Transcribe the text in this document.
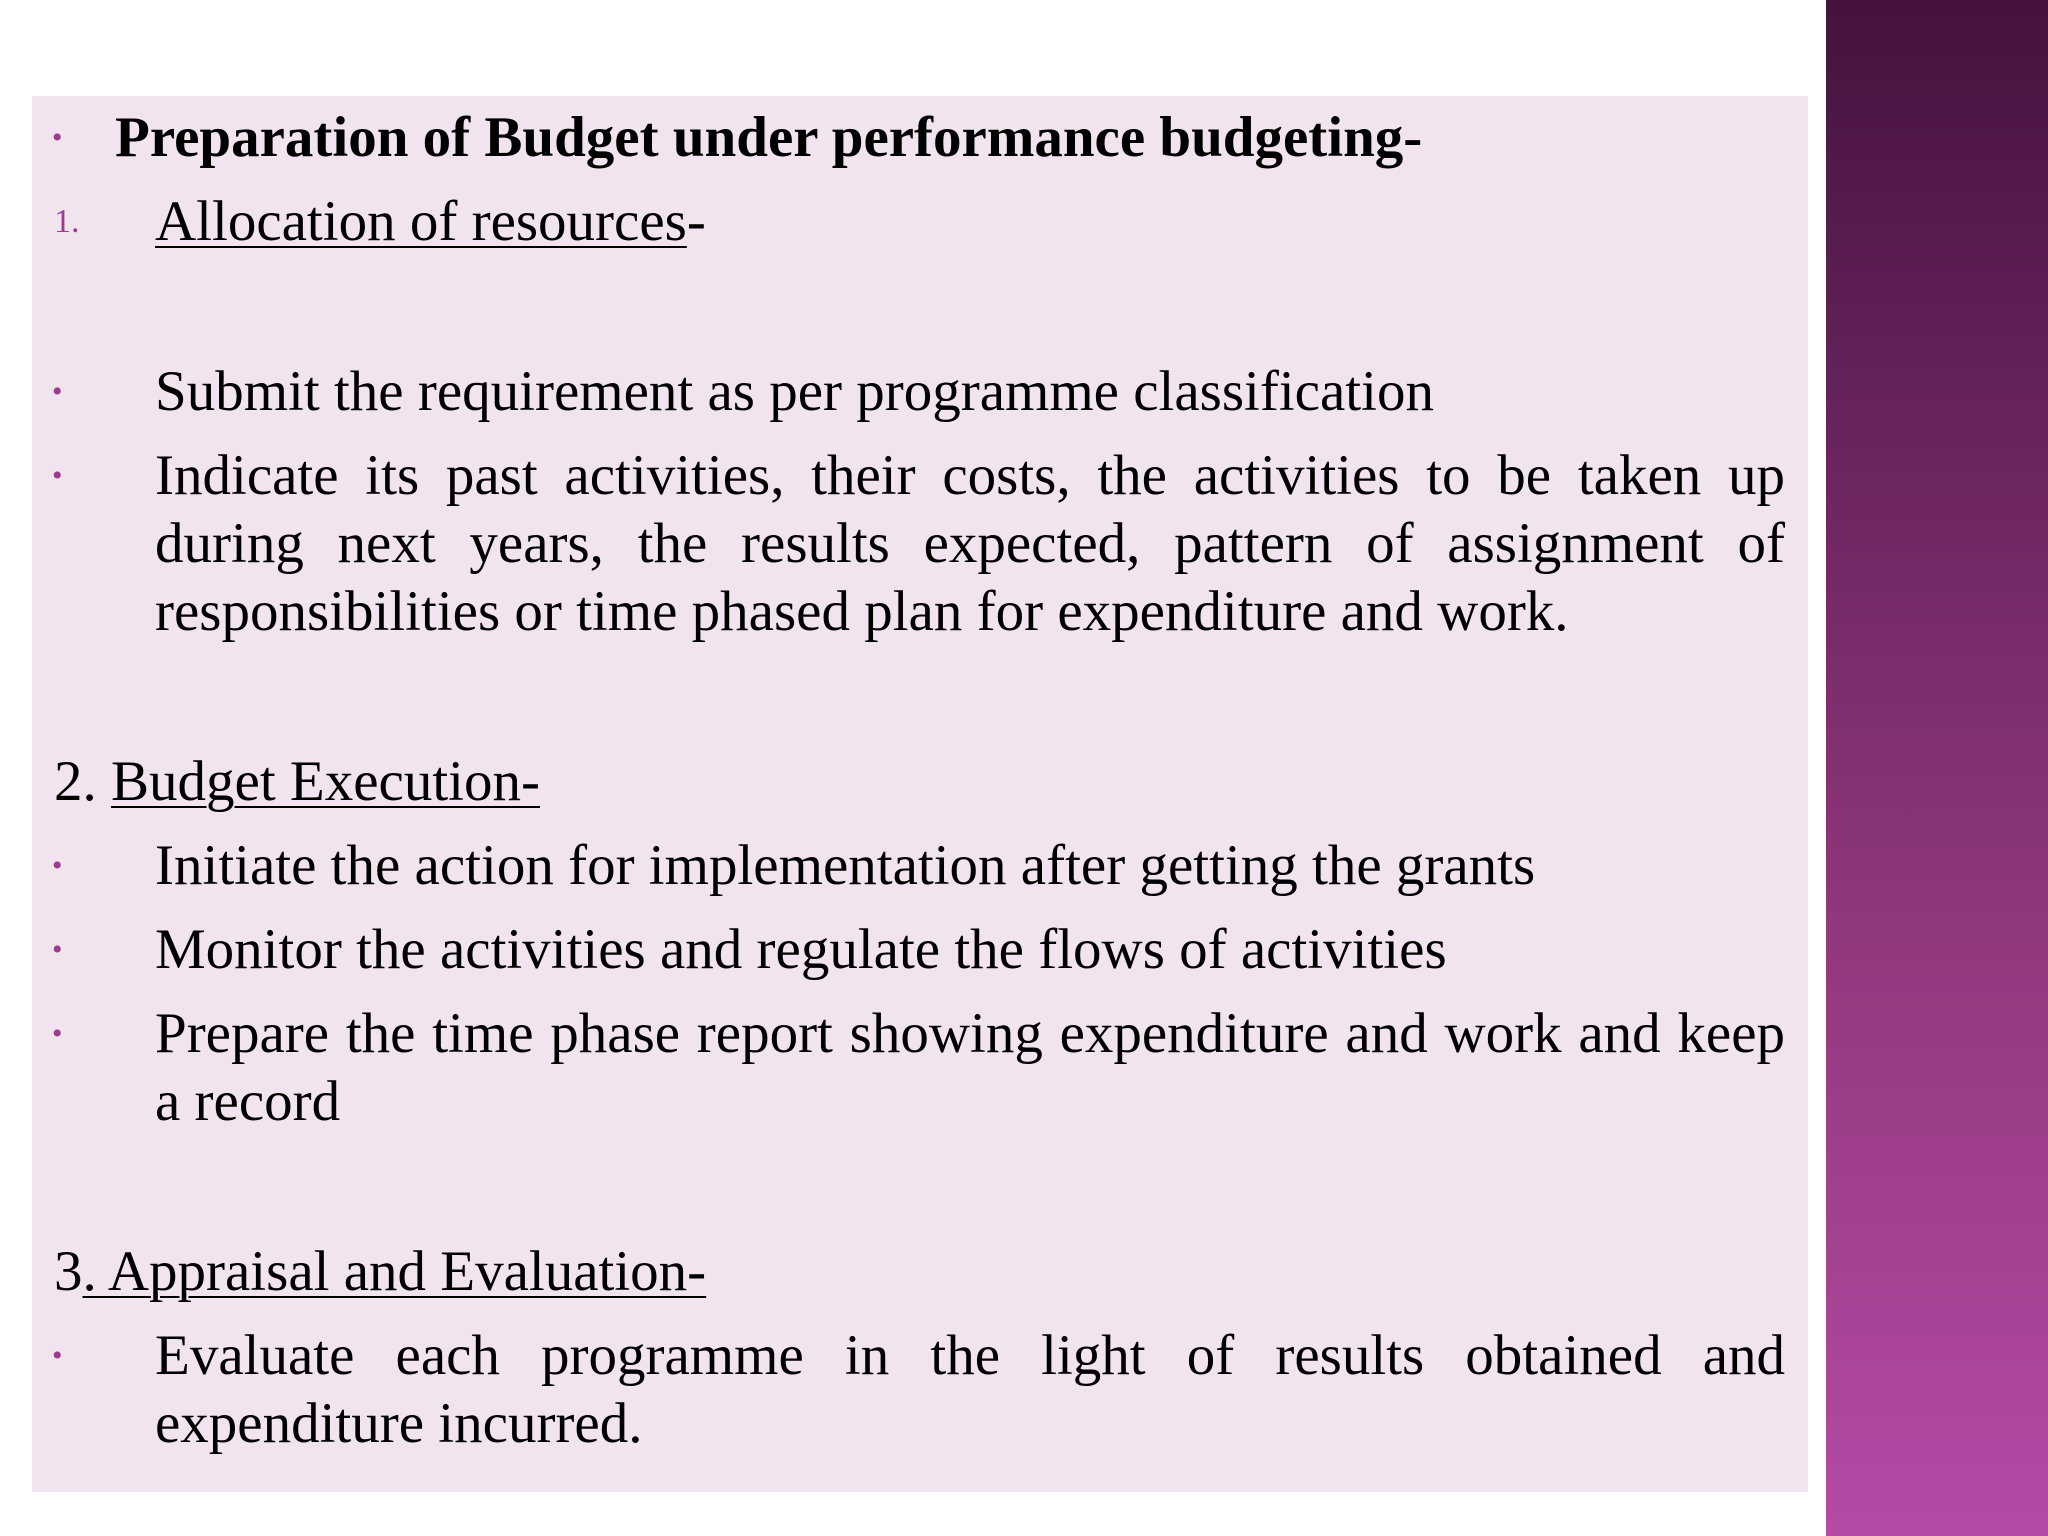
• Preparation of Budget under performance budgeting-
1. Allocation of resources-
• Submit the requirement as per programme classification
• Indicate its past activities, their costs, the activities to be taken up during next years, the results expected, pattern of assignment of responsibilities or time phased plan for expenditure and work.
2. Budget Execution-
• Initiate the action for implementation after getting the grants
• Monitor the activities and regulate the flows of activities
• Prepare the time phase report showing expenditure and work and keep a record
3. Appraisal and Evaluation-
• Evaluate each programme in the light of results obtained and expenditure incurred.
